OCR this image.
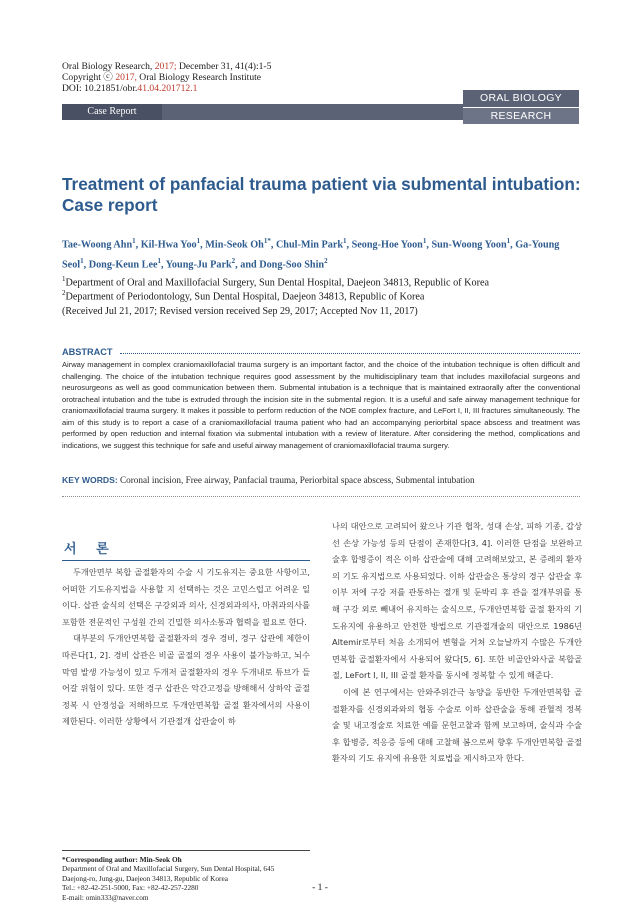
Oral Biology Research, 2017; December 31, 41(4):1-5
Copyright ⓒ 2017, Oral Biology Research Institute
DOI: 10.21851/obr.41.04.201712.1
Case Report
ORAL BIOLOGY
RESEARCH
Treatment of panfacial trauma patient via submental intubation: Case report
Tae-Woong Ahn$^1$, Kil-Hwa Yoo$^1$, Min-Seok $Oh^{1*}$, Chul-Min Park$^1$, Seong-Hoe Yoon$^1$, Sun-Woong Yoon$^1$, Ga-Young Seol$^1$, Dong-Keun Lee$^1$, Young-Ju Park$^2$, and Dong-Soo Shin$^2$
$^1$Department of Oral and Maxillofacial Surgery, Sun Dental Hospital, Daejeon 34813, Republic of Korea
$^2$Department of Periodontology, Sun Dental Hospital, Daejeon 34813, Republic of Korea
(Received Jul 21, 2017; Revised version received Sep 29, 2017; Accepted Nov 11, 2017)
ABSTRACT
Airway management in complex craniomaxillofacial trauma surgery is an important factor, and the choice of the intubation technique is often difficult and challenging. The choice of the intubation technique requires good assessment by the multidisciplinary team that includes maxillofacial surgeons and neurosurgeons as well as good communication between them. Submental intubation is a technique that is maintained extraorally after the conventional orotracheal intubation and the tube is extruded through the incision site in the submental region. It is a useful and safe airway management technique for craniomaxillofacial trauma surgery. It makes it possible to perform reduction of the NOE complex fracture, and LeFort I, II, III fractures simultaneously. The aim of this study is to report a case of a craniomaxillofacial trauma patient who had an accompanying periorbital space abscess and treatment was performed by open reduction and internal fixation via submental intubation with a review of literature. After considering the method, complications and indications, we suggest this technique for safe and useful airway management of craniomaxillofacial trauma surgery.
KEY WORDS: Coronal incision, Free airway, Panfacial trauma, Periorbital space abscess, Submental intubation
서 론

두개안면부 복합 골절환자의 수술 시 기도유지는 중요한 사항이고, 어떠한 기도유지법을 사용할 지 선택하는 것은 고민스럽고 어려운 일이다. 삽관 술식의 선택은 구강외과 의사, 신경외과의사, 마취과의사를 포함한 전문적인 구성원 간의 긴밀한 의사소통과 협력을 필요로 한다.

대부분의 두개안면복합 골절환자의 경우 경비, 경구 삽관에 제한이 따른다[1, 2]. 경비 삽관은 비골 골절의 경우 사용이 불가능하고, 뇌수막염 발생 가능성이 있고 두개저 골절환자의 경우 두개내로 튜브가 들어갈 위험이 있다. 또한 경구 삽관은 악간고정을 방해해서 상하악 골절 정복 시 안정성을 저해하므로 두개안면복합 골절 환자에서의 사용이 제한된다. 이러한 상황에서 기관절개 삽관술이 하

나의 대안으로 고려되어 왔으나 기관 협착, 성대 손상, 피하 기종, 갑상선 손상 가능성 등의 단점이 존재한다[3, 4]. 이러한 단점을 보완하고 술후 합병증이 적은 이하 삽관술에 대해 고려해보았고, 본 증례의 환자의 기도 유지법으로 사용되었다. 이하 삽관술은 통상의 경구 삽관술 후 이부 저에 구강 저를 관통하는 절개 및 둔박리 후 관을 절개부위를 통해 구강 외로 빼내어 유지하는 술식으로, 두개안면복합 골절 환자의 기도유지에 유용하고 안전한 방법으로 기관절개술의 대안으로 1986년 Altemir로부터 처음 소개되어 변형을 거쳐 오늘날까지 수많은 두개안면복합 골절환자에서 사용되어 왔다[5, 6]. 또한 비골안와사골 복합골절, LeFort I, II, III 골절 환자를 동시에 정복할 수 있게 해준다.

이에 본 연구에서는 안와주위간극 농양을 동반한 두개안면복합 골절환자를 신경외과와의 협동 수술로 이하 삽관술을 통해 관혈적 정복술 및 내고정술로 치료한 예를 문헌고찰과 함께 보고하며, 술식과 수술 후 합병증, 적응증 등에 대해 고찰해 봄으로써 향후 두개안면복합 골절 환자의 기도 유지에 유용한 치료법을 제시하고자 한다.

*Corresponding author: Min-Seok Oh
Department of Oral and Maxillofacial Surgery, Sun Dental Hospital, 645
Daejong-ro, Jung-gu, Daejeon 34813, Republic of Korea
Tel.: +82-42-251-5000, Fax: +82-42-257-2280
E-mail: omin333@naver.com
- 1 -
